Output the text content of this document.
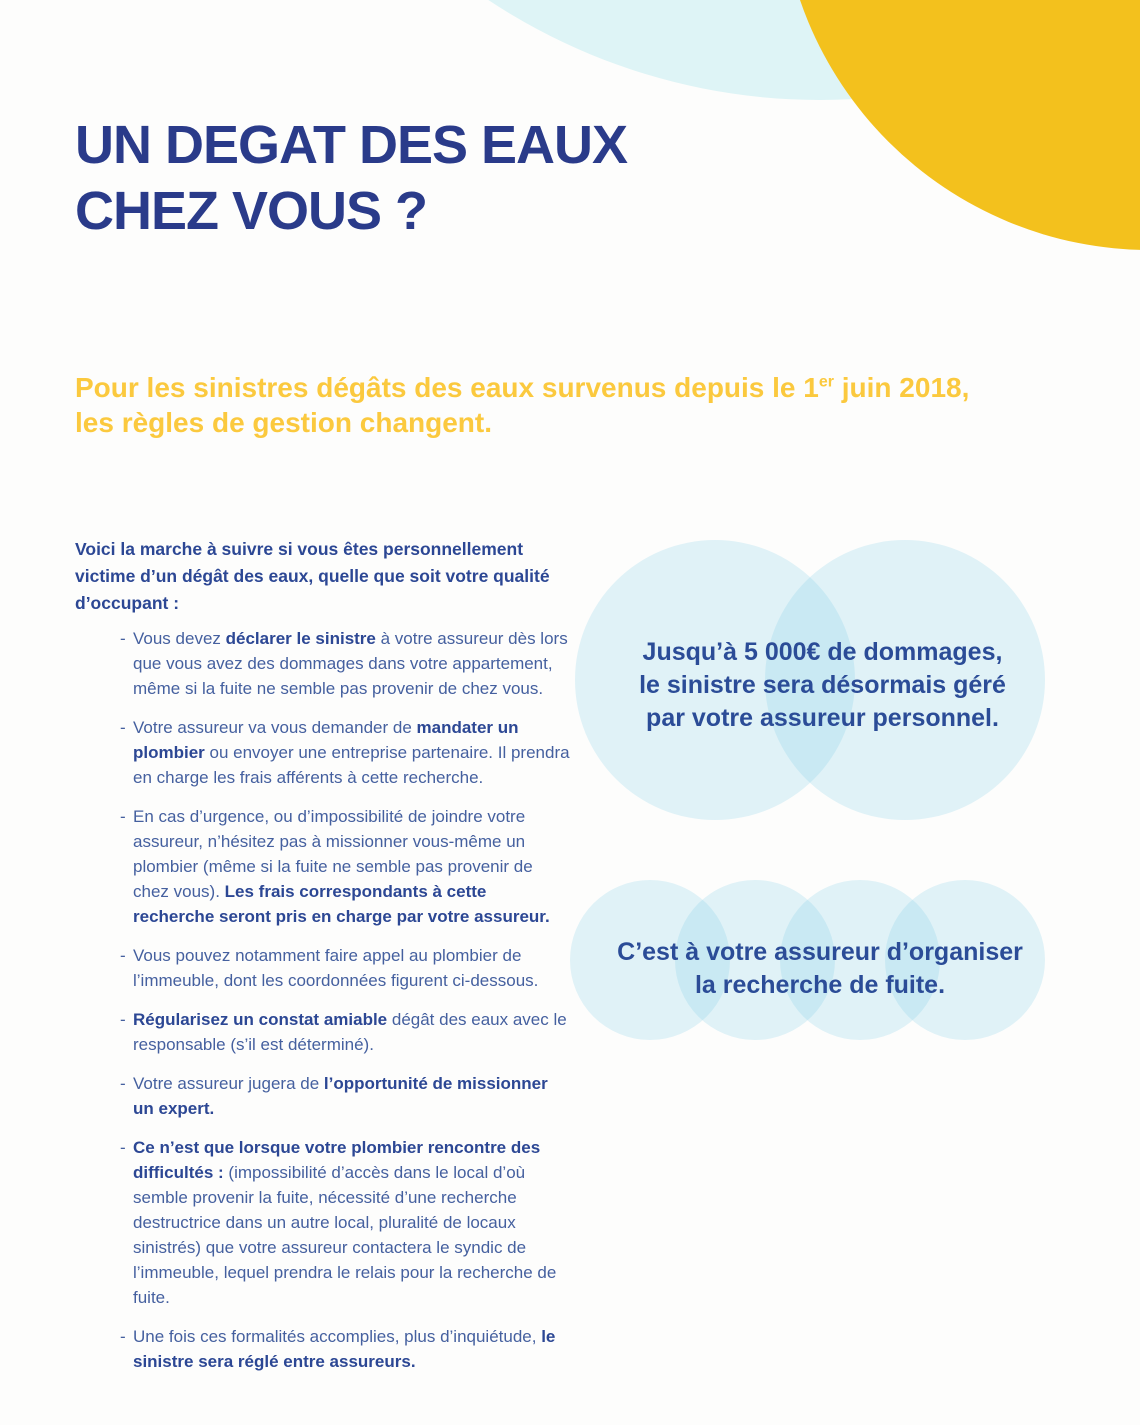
UN DEGAT DES EAUX
CHEZ VOUS ?

Pour les sinistres dégâts des eaux survenus depuis le 1er juin 2018,
les règles de gestion changent.

Voici la marche à suivre si vous êtes personnellement victime d’un dégât des eaux, quelle que soit votre qualité d’occupant :

- Vous devez déclarer le sinistre à votre assureur dès lors que vous avez des dommages dans votre appartement, même si la fuite ne semble pas provenir de chez vous.
- Votre assureur va vous demander de mandater un plombier ou envoyer une entreprise partenaire. Il prendra en charge les frais afférents à cette recherche.
- En cas d’urgence, ou d’impossibilité de joindre votre assureur, n’hésitez pas à missionner vous-même un plombier (même si la fuite ne semble pas provenir de chez vous). Les frais correspondants à cette recherche seront pris en charge par votre assureur.
- Vous pouvez notamment faire appel au plombier de l’immeuble, dont les coordonnées figurent ci-dessous.
- Régularisez un constat amiable dégât des eaux avec le responsable (s’il est déterminé).
- Votre assureur jugera de l’opportunité de missionner un expert.
- Ce n’est que lorsque votre plombier rencontre des difficultés : (impossibilité d’accès dans le local d’où semble provenir la fuite, nécessité d’une recherche destructrice dans un autre local, pluralité de locaux sinistrés) que votre assureur contactera le syndic de l’immeuble, lequel prendra le relais pour la recherche de fuite.
- Une fois ces formalités accomplies, plus d’inquiétude, le sinistre sera réglé entre assureurs.
Jusqu’à 5 000€ de dommages,
le sinistre sera désormais géré
par votre assureur personnel.
C’est à votre assureur d’organiser
la recherche de fuite.
